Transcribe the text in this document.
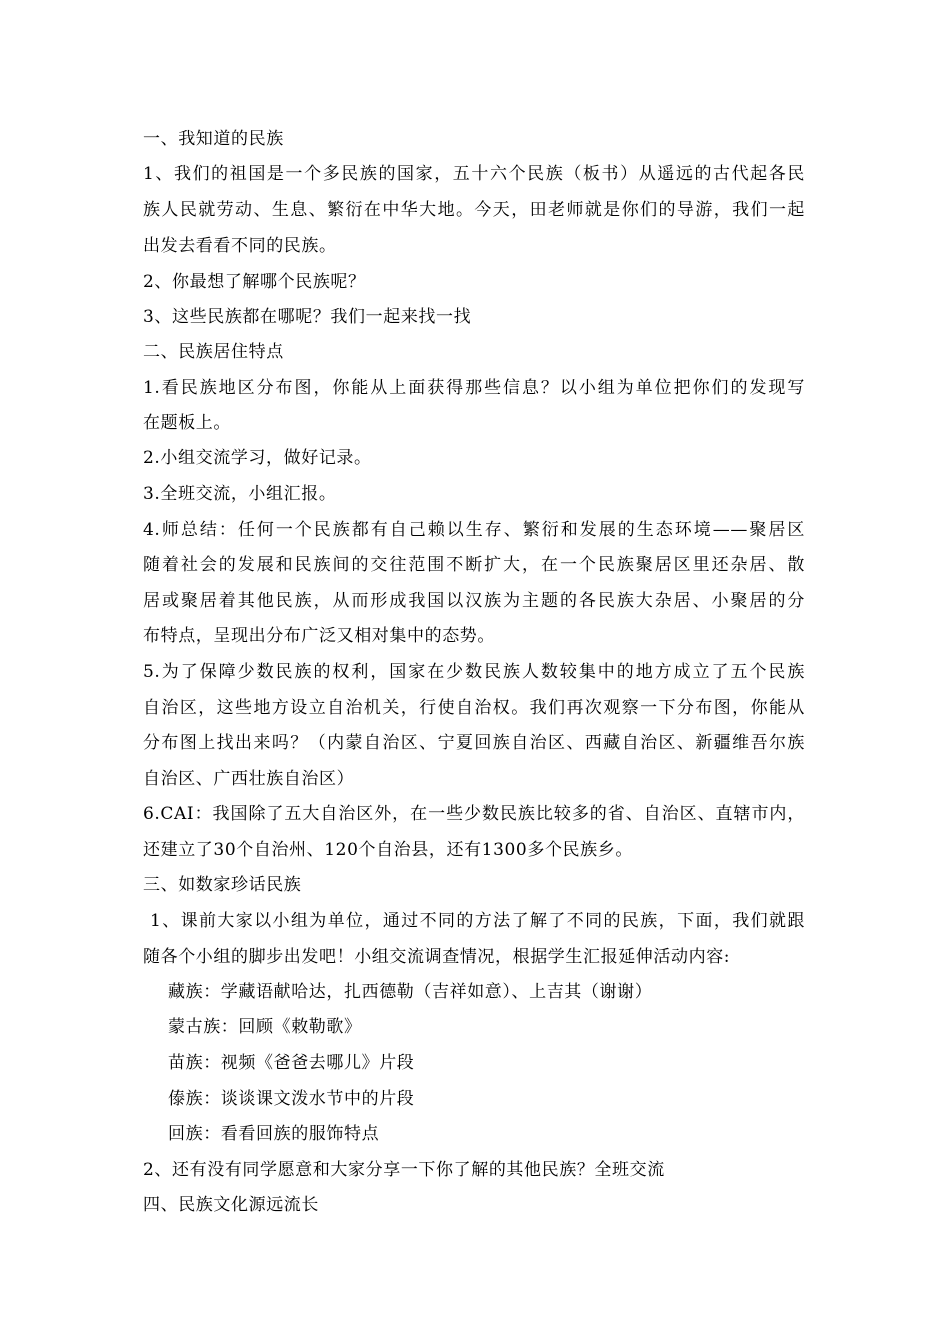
一、我知道的民族
1、我们的祖国是一个多民族的国家，五十六个民族（板书）从遥远的古代起各民
族人民就劳动、生息、繁衍在中华大地。今天，田老师就是你们的导游，我们一起
出发去看看不同的民族。
2、你最想了解哪个民族呢？
3、这些民族都在哪呢？我们一起来找一找
二、民族居住特点
1.看民族地区分布图，你能从上面获得那些信息？以小组为单位把你们的发现写
在题板上。
2.小组交流学习，做好记录。
3.全班交流，小组汇报。
4.师总结：任何一个民族都有自己赖以生存、繁衍和发展的生态环境——聚居区
随着社会的发展和民族间的交往范围不断扩大，在一个民族聚居区里还杂居、散
居或聚居着其他民族，从而形成我国以汉族为主题的各民族大杂居、小聚居的分
布特点，呈现出分布广泛又相对集中的态势。
5.为了保障少数民族的权利，国家在少数民族人数较集中的地方成立了五个民族
自治区，这些地方设立自治机关，行使自治权。我们再次观察一下分布图，你能从
分布图上找出来吗？（内蒙自治区、宁夏回族自治区、西藏自治区、新疆维吾尔族
自治区、广西壮族自治区）
6.CAI：我国除了五大自治区外，在一些少数民族比较多的省、自治区、直辖市内，
还建立了30个自治州、120个自治县，还有1300多个民族乡。
三、如数家珍话民族
1、课前大家以小组为单位，通过不同的方法了解了不同的民族，下面，我们就跟
随各个小组的脚步出发吧！小组交流调查情况，根据学生汇报延伸活动内容:
藏族：学藏语献哈达，扎西德勒（吉祥如意）、上吉其（谢谢）
蒙古族：回顾《敕勒歌》
苗族：视频《爸爸去哪儿》片段
傣族：谈谈课文泼水节中的片段
回族：看看回族的服饰特点
2、还有没有同学愿意和大家分享一下你了解的其他民族？全班交流
四、民族文化源远流长
